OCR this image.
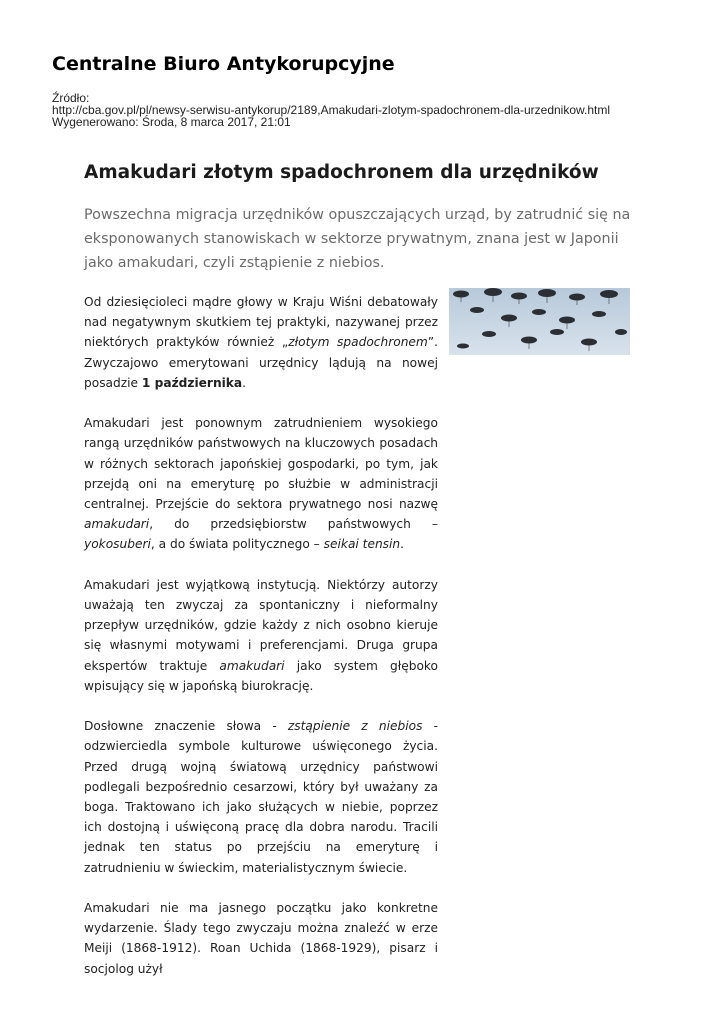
Centralne Biuro Antykorupcyjne
Źródło:
http://cba.gov.pl/pl/newsy-serwisu-antykorup/2189,Amakudari-zlotym-spadochronem-dla-urzednikow.html
Wygenerowano: Środa, 8 marca 2017, 21:01
Amakudari złotym spadochronem dla urzędników
Powszechna migracja urzędników opuszczających urząd, by zatrudnić się na eksponowanych stanowiskach w sektorze prywatnym, znana jest w Japonii jako amakudari, czyli zstąpienie z niebios.

Od dziesięcioleci mądre głowy w Kraju Wiśni debatowały nad negatywnym skutkiem tej praktyki, nazywanej przez niektórych praktyków również „złotym spadochronem”. Zwyczajowo emerytowani urzędnicy lądują na nowej posadzie 1 października.

Amakudari jest ponownym zatrudnieniem wysokiego rangą urzędników państwowych na kluczowych posadach w różnych sektorach japońskiej gospodarki, po tym, jak przejdą oni na emeryturę po służbie w administracji centralnej. Przejście do sektora prywatnego nosi nazwę amakudari, do przedsiębiorstw państwowych – yokosuberi, a do świata politycznego – seikai tensin.

Amakudari jest wyjątkową instytucją. Niektórzy autorzy uważają ten zwyczaj za spontaniczny i nieformalny przepływ urzędników, gdzie każdy z nich osobno kieruje się własnymi motywami i preferencjami. Druga grupa ekspertów traktuje amakudari jako system głęboko wpisujący się w japońską biurokrację.

Dosłowne znaczenie słowa - zstąpienie z niebios - odzwierciedla symbole kulturowe uświęconego życia. Przed drugą wojną światową urzędnicy państwowi podlegali bezpośrednio cesarzowi, który był uważany za boga. Traktowano ich jako służących w niebie, poprzez ich dostojną i uświęconą pracę dla dobra narodu. Tracili jednak ten status po przejściu na emeryturę i zatrudnieniu w świeckim, materialistycznym świecie.

Amakudari nie ma jasnego początku jako konkretne wydarzenie. Ślady tego zwyczaju można znaleźć w erze Meiji (1868-1912). Roan Uchida (1868-1929), pisarz i socjolog użył
